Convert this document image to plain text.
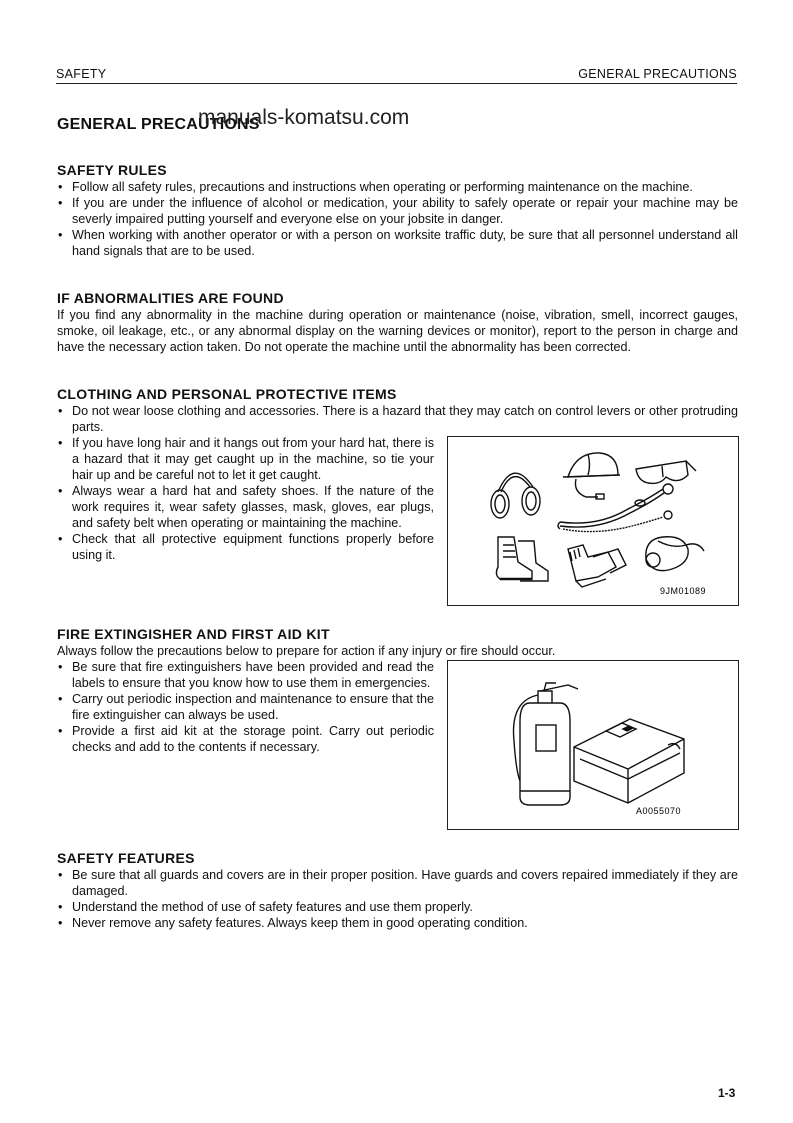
SAFETY	GENERAL PRECAUTIONS
GENERAL PRECAUTIONS
manuals-komatsu.com
SAFETY RULES
• Follow all safety rules, precautions and instructions when operating or performing maintenance on the machine.
• If you are under the influence of alcohol or medication, your ability to safely operate or repair your machine may be severly impaired putting yourself and everyone else on your jobsite in danger.
• When working with another operator or with a person on worksite traffic duty, be sure that all personnel understand all hand signals that are to be used.
IF ABNORMALITIES ARE FOUND

If you find any abnormality in the machine during operation or maintenance (noise, vibration, smell, incorrect gauges, smoke, oil leakage, etc., or any abnormal display on the warning devices or monitor), report to the person in charge and have the necessary action taken. Do not operate the machine until the abnormality has been corrected.

CLOTHING AND PERSONAL PROTECTIVE ITEMS
• Do not wear loose clothing and accessories. There is a hazard that they may catch on control levers or other protruding parts.
• If you have long hair and it hangs out from your hard hat, there is a hazard that it may get caught up in the machine, so tie your hair up and be careful not to let it get caught.
• Always wear a hard hat and safety shoes. If the nature of the work requires it, wear safety glasses, mask, gloves, ear plugs, and safety belt when operating or maintaining the machine.
• Check that all protective equipment functions properly before using it.
9JM01089
FIRE EXTINGISHER AND FIRST AID KIT

Always follow the precautions below to prepare for action if any injury or fire should occur.

• Be sure that fire extinguishers have been provided and read the labels to ensure that you know how to use them in emergencies.
• Carry out periodic inspection and maintenance to ensure that the fire extinguisher can always be used.
• Provide a first aid kit at the storage point. Carry out periodic checks and add to the contents if necessary.
A0055070
SAFETY FEATURES
• Be sure that all guards and covers are in their proper position. Have guards and covers repaired immediately if they are damaged.
• Understand the method of use of safety features and use them properly.
• Never remove any safety features. Always keep them in good operating condition.
1-3
